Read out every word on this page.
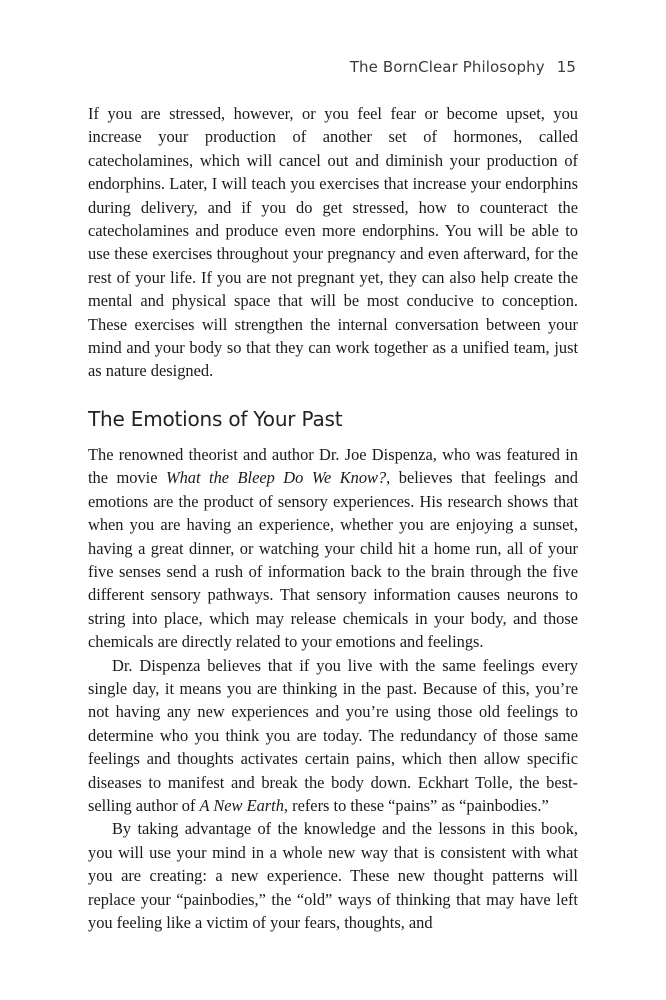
The BornClear Philosophy 15

If you are stressed, however, or you feel fear or become upset, you increase your production of another set of hormones, called catecholamines, which will cancel out and diminish your production of endorphins. Later, I will teach you exercises that increase your endorphins during delivery, and if you do get stressed, how to counteract the catecholamines and produce even more endorphins. You will be able to use these exercises throughout your pregnancy and even afterward, for the rest of your life. If you are not pregnant yet, they can also help create the mental and physical space that will be most conducive to conception. These exercises will strengthen the internal conversation between your mind and your body so that they can work together as a unified team, just as nature designed.

The Emotions of Your Past

The renowned theorist and author Dr. Joe Dispenza, who was featured in the movie What the Bleep Do We Know?, believes that feelings and emotions are the product of sensory experiences. His research shows that when you are having an experience, whether you are enjoying a sunset, having a great dinner, or watching your child hit a home run, all of your five senses send a rush of information back to the brain through the five different sensory pathways. That sensory information causes neurons to string into place, which may release chemicals in your body, and those chemicals are directly related to your emotions and feelings.

Dr. Dispenza believes that if you live with the same feelings every single day, it means you are thinking in the past. Because of this, you’re not having any new experiences and you’re using those old feelings to determine who you think you are today. The redundancy of those same feelings and thoughts activates certain pains, which then allow specific diseases to manifest and break the body down. Eckhart Tolle, the best-selling author of A New Earth, refers to these “pains” as “painbodies.”

By taking advantage of the knowledge and the lessons in this book, you will use your mind in a whole new way that is consistent with what you are creating: a new experience. These new thought patterns will replace your “painbodies,” the “old” ways of thinking that may have left you feeling like a victim of your fears, thoughts, and
